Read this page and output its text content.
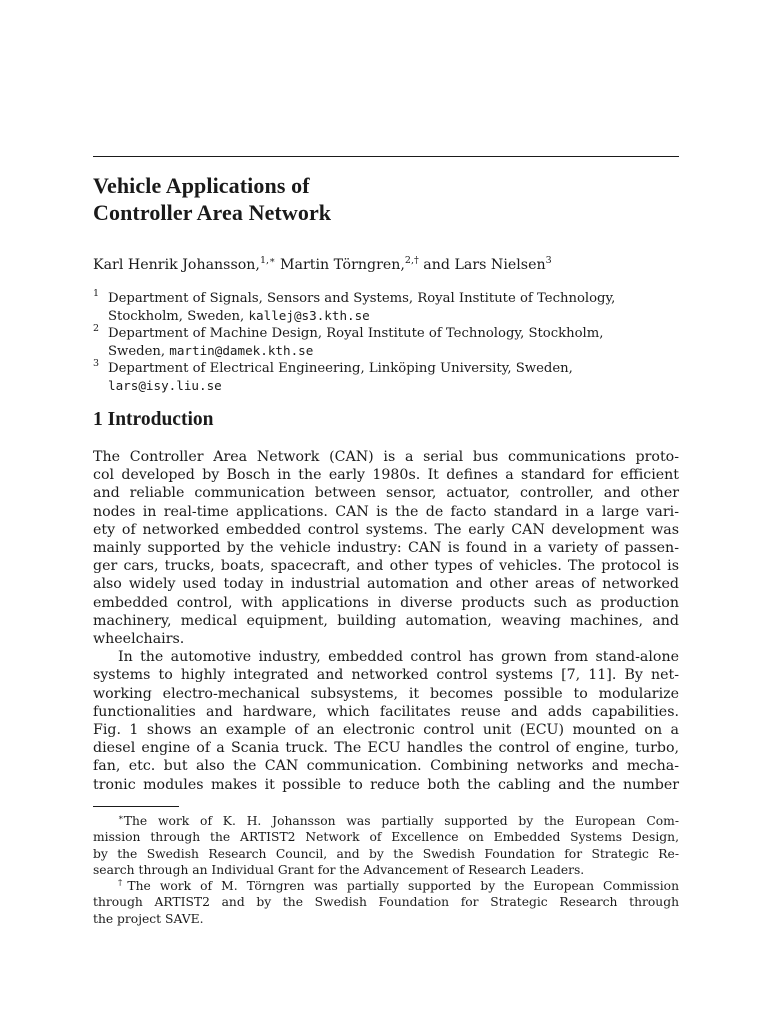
Vehicle Applications of
Controller Area Network
Karl Henrik Johansson,$^{1,∗}$ Martin Törngren,$^{2,\dagger}$ and Lars Nielsen$^3$
1 Department of Signals, Sensors and Systems, Royal Institute of Technology,
Stockholm, Sweden, kallej@s3.kth.se
2 Department of Machine Design, Royal Institute of Technology, Stockholm,
Sweden, martin@damek.kth.se
3 Department of Electrical Engineering, Linköping University, Sweden,
lars@isy.liu.se
1 Introduction

The Controller Area Network (CAN) is a serial bus communications proto-
col developed by Bosch in the early 1980s. It defines a standard for efficient
and reliable communication between sensor, actuator, controller, and other
nodes in real-time applications. CAN is the de facto standard in a large vari-
ety of networked embedded control systems. The early CAN development was
mainly supported by the vehicle industry: CAN is found in a variety of passen-
ger cars, trucks, boats, spacecraft, and other types of vehicles. The protocol is
also widely used today in industrial automation and other areas of networked
embedded control, with applications in diverse products such as production
machinery, medical equipment, building automation, weaving machines, and
wheelchairs.

In the automotive industry, embedded control has grown from stand-alone
systems to highly integrated and networked control systems [7, 11]. By net-
working electro-mechanical subsystems, it becomes possible to modularize
functionalities and hardware, which facilitates reuse and adds capabilities.
Fig. 1 shows an example of an electronic control unit (ECU) mounted on a
diesel engine of a Scania truck. The ECU handles the control of engine, turbo,
fan, etc. but also the CAN communication. Combining networks and mecha-
tronic modules makes it possible to reduce both the cabling and the number

∗The work of K. H. Johansson was partially supported by the European Com-
mission through the ARTIST2 Network of Excellence on Embedded Systems Design,
by the Swedish Research Council, and by the Swedish Foundation for Strategic Re-
search through an Individual Grant for the Advancement of Research Leaders.
†The work of M. Törngren was partially supported by the European Commission
through ARTIST2 and by the Swedish Foundation for Strategic Research through
the project SAVE.
